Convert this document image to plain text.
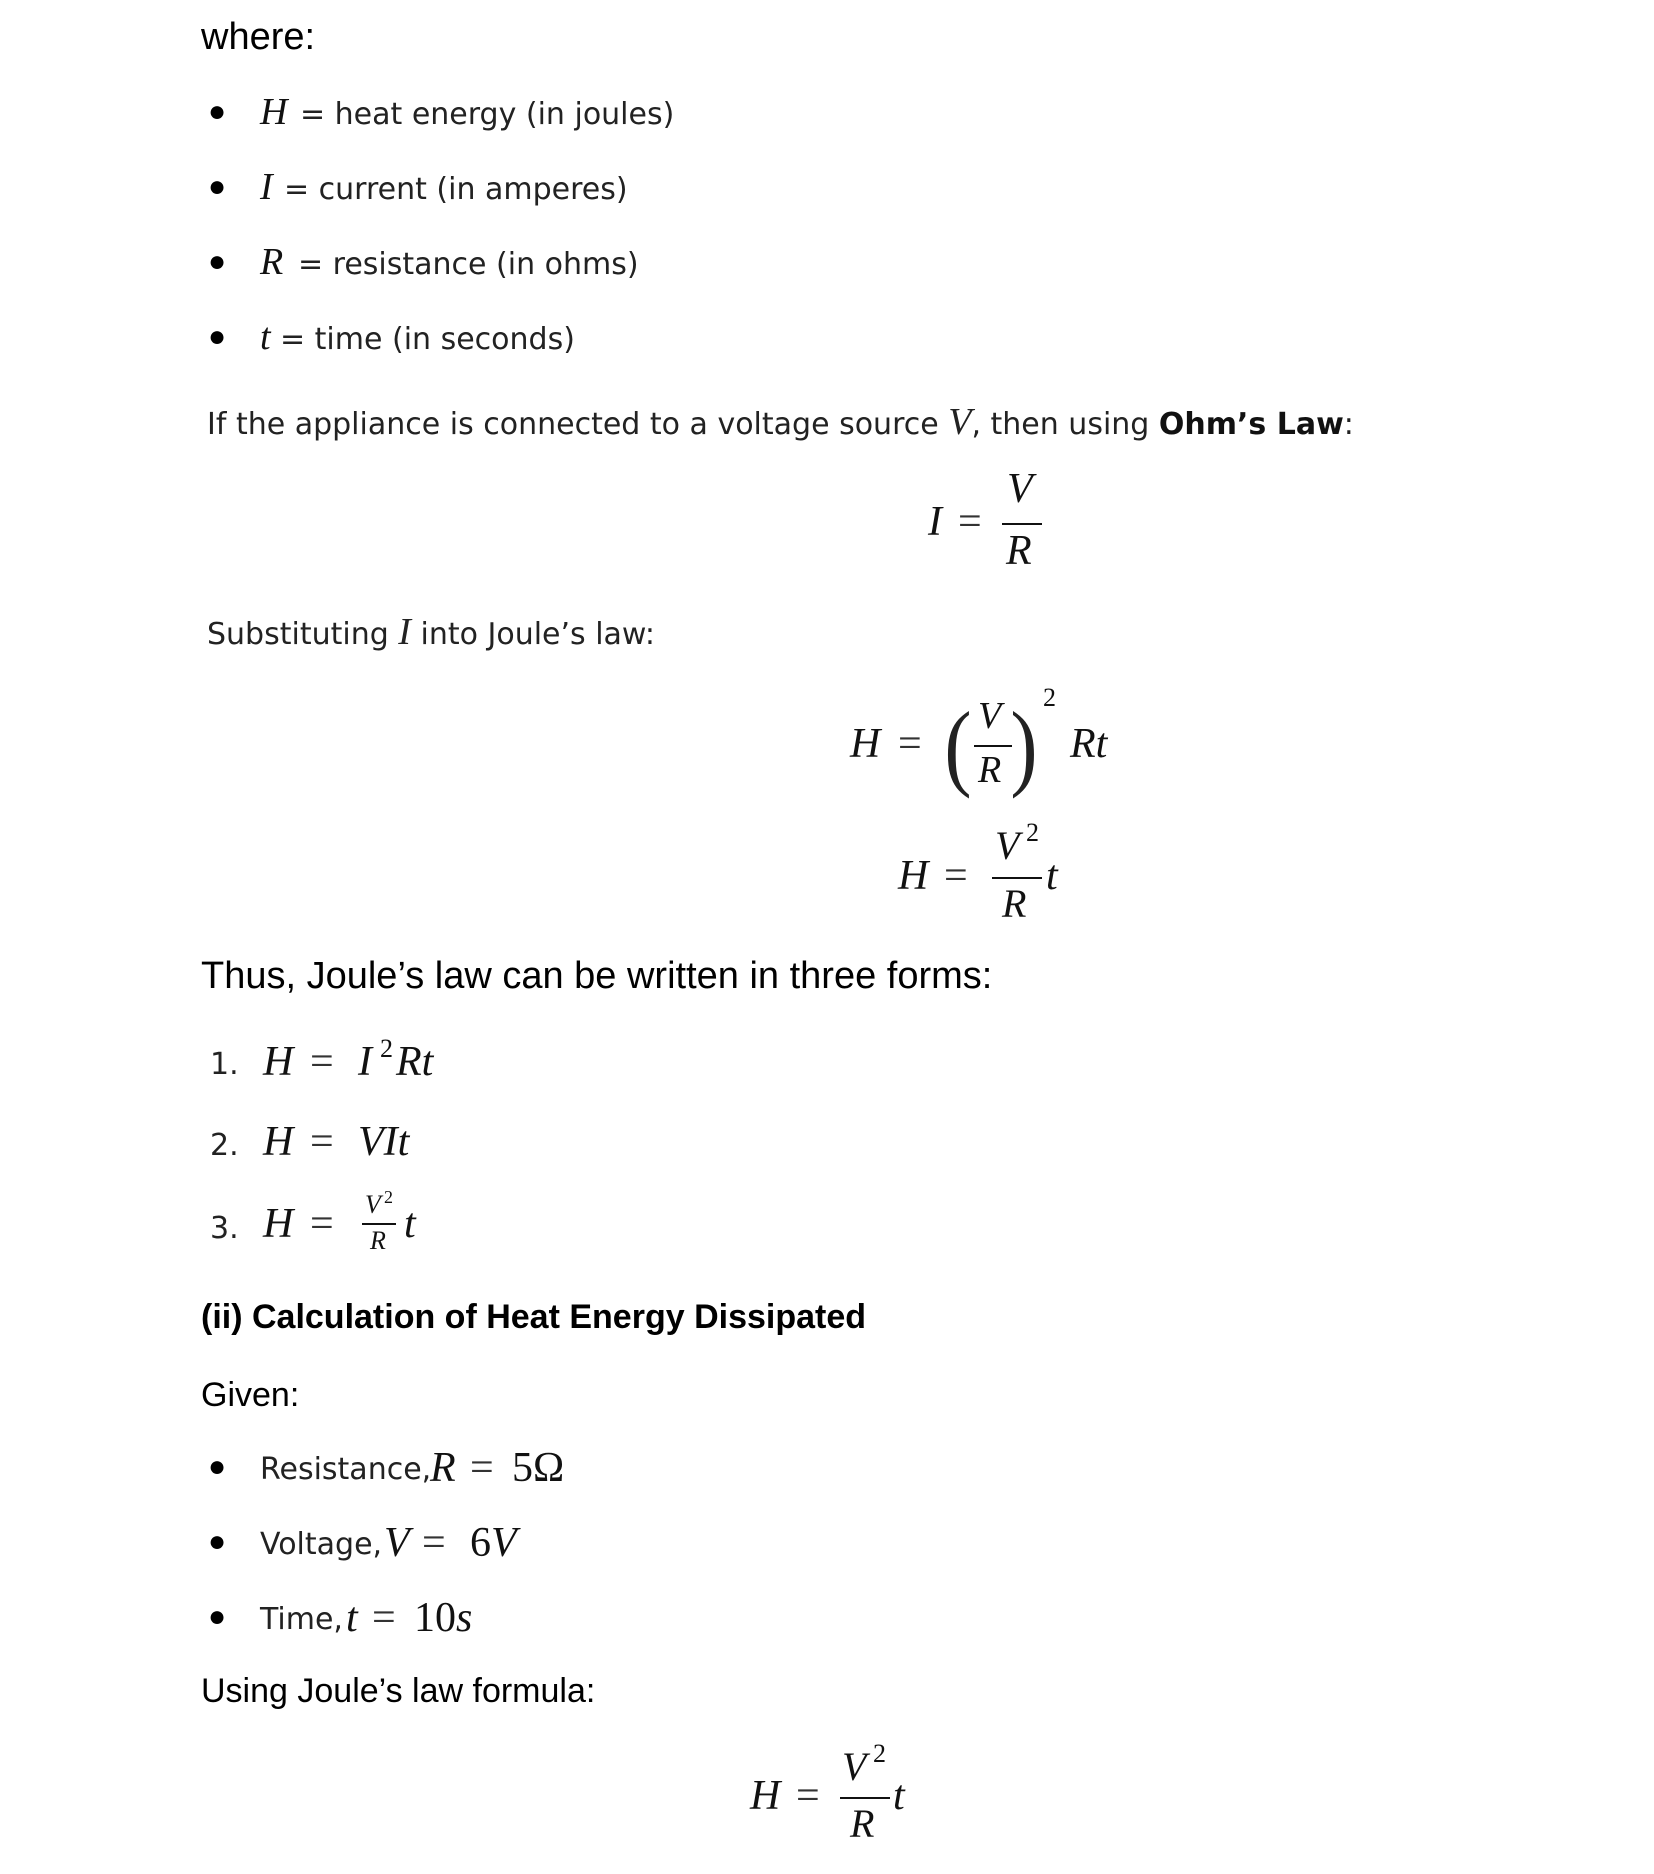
where:
● H = heat energy (in joules)
● I = current (in amperes)
● R = resistance (in ohms)
● t = time (in seconds)
If the appliance is connected to a voltage source V, then using Ohm’s Law:
I =
V
R
Substituting I into Joule’s law:
H = ( V
R ) 2
Rt
H =
V 2
R
t
Thus, Joule’s law can be written in three forms:
1. H = I 2 Rt
2. H = VIt
3. H = V 2
R t
(ii) Calculation of Heat Energy Dissipated
Given:
● Resistance,
R = 5Ω
● Voltage, V = 6 V
● Time, t = 10 s
Using Joule’s law formula:
H =
V 2
R
t
